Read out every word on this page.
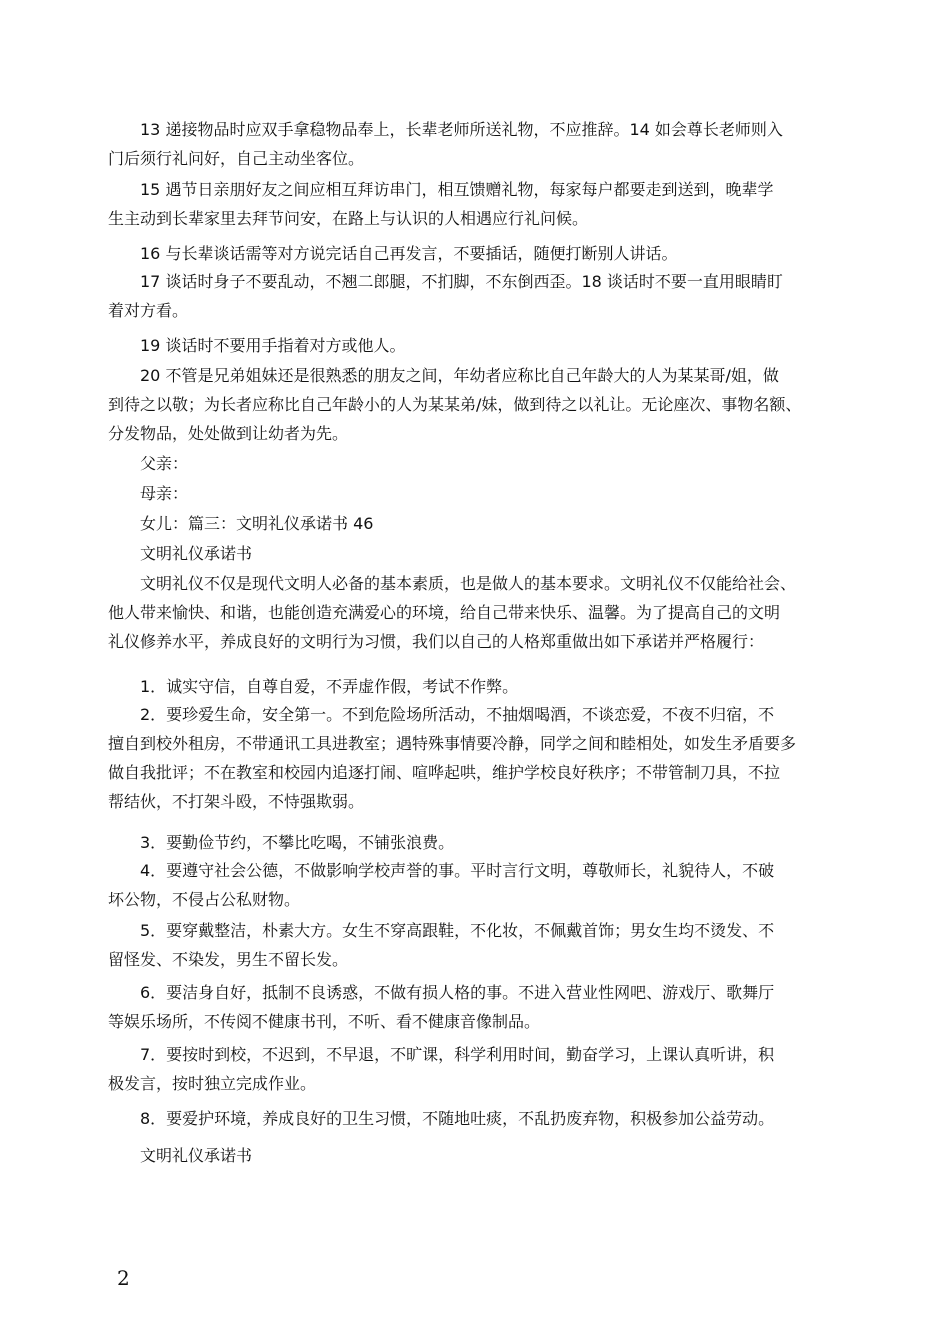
　　13 递接物品时应双手拿稳物品奉上，长辈老师所送礼物，不应推辞。14 如会尊长老师则入
门后须行礼问好，自己主动坐客位。

　　15 遇节日亲朋好友之间应相互拜访串门，相互馈赠礼物，每家每户都要走到送到，晚辈学
生主动到长辈家里去拜节问安，在路上与认识的人相遇应行礼问候。

　　16 与长辈谈话需等对方说完话自己再发言，不要插话，随便打断别人讲话。

　　17 谈话时身子不要乱动，不翘二郎腿，不扪脚，不东倒西歪。18 谈话时不要一直用眼睛盯
着对方看。

　　19 谈话时不要用手指着对方或他人。

　　20 不管是兄弟姐妹还是很熟悉的朋友之间，年幼者应称比自己年龄大的人为某某哥/姐，做
到待之以敬；为长者应称比自己年龄小的人为某某弟/妹，做到待之以礼让。无论座次、事物名额、
分发物品，处处做到让幼者为先。

　　父亲：

　　母亲：

　　女儿：篇三：文明礼仪承诺书 46

　　文明礼仪承诺书

　　文明礼仪不仅是现代文明人必备的基本素质，也是做人的基本要求。文明礼仪不仅能给社会、
他人带来愉快、和谐，也能创造充满爱心的环境，给自己带来快乐、温馨。为了提高自己的文明
礼仪修养水平，养成良好的文明行为习惯，我们以自己的人格郑重做出如下承诺并严格履行：

　　1．诚实守信，自尊自爱，不弄虚作假，考试不作弊。

　　2．要珍爱生命，安全第一。不到危险场所活动，不抽烟喝酒，不谈恋爱，不夜不归宿，不
擅自到校外租房，不带通讯工具进教室；遇特殊事情要冷静，同学之间和睦相处，如发生矛盾要多
做自我批评；不在教室和校园内追逐打闹、喧哗起哄，维护学校良好秩序；不带管制刀具，不拉
帮结伙，不打架斗殴，不恃强欺弱。

　　3．要勤俭节约，不攀比吃喝，不铺张浪费。

　　4．要遵守社会公德，不做影响学校声誉的事。平时言行文明，尊敬师长，礼貌待人，不破
坏公物，不侵占公私财物。

　　5．要穿戴整洁，朴素大方。女生不穿高跟鞋，不化妆，不佩戴首饰；男女生均不烫发、不
留怪发、不染发，男生不留长发。

　　6．要洁身自好，抵制不良诱惑，不做有损人格的事。不进入营业性网吧、游戏厅、歌舞厅
等娱乐场所，不传阅不健康书刊，不听、看不健康音像制品。

　　7．要按时到校，不迟到，不早退，不旷课，科学利用时间，勤奋学习，上课认真听讲，积
极发言，按时独立完成作业。

　　8．要爱护环境，养成良好的卫生习惯，不随地吐痰，不乱扔废弃物，积极参加公益劳动。

　　文明礼仪承诺书

2
